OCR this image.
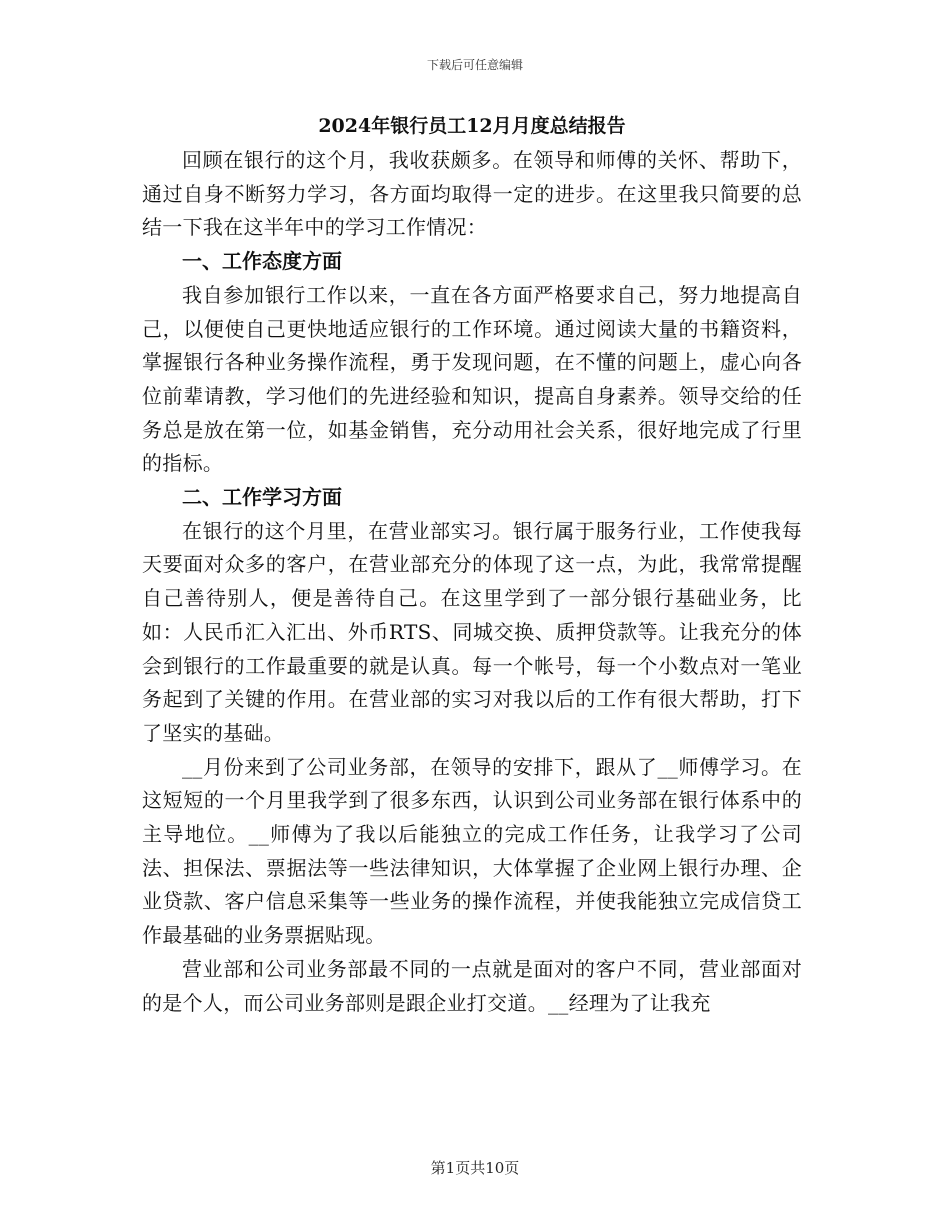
下载后可任意编辑
2024年银行员工12月月度总结报告

回顾在银行的这个月，我收获颇多。在领导和师傅的关怀、帮助下，通过自身不断努力学习，各方面均取得一定的进步。在这里我只简要的总结一下我在这半年中的学习工作情况：

一、工作态度方面

我自参加银行工作以来，一直在各方面严格要求自己，努力地提高自己，以便使自己更快地适应银行的工作环境。通过阅读大量的书籍资料，掌握银行各种业务操作流程，勇于发现问题，在不懂的问题上，虚心向各位前辈请教，学习他们的先进经验和知识，提高自身素养。领导交给的任务总是放在第一位，如基金销售，充分动用社会关系，很好地完成了行里的指标。

二、工作学习方面

在银行的这个月里，在营业部实习。银行属于服务行业，工作使我每天要面对众多的客户，在营业部充分的体现了这一点，为此，我常常提醒自己善待别人，便是善待自己。在这里学到了一部分银行基础业务，比如：人民币汇入汇出、外币RTS、同城交换、质押贷款等。让我充分的体会到银行的工作最重要的就是认真。每一个帐号，每一个小数点对一笔业务起到了关键的作用。在营业部的实习对我以后的工作有很大帮助，打下了坚实的基础。

__月份来到了公司业务部，在领导的安排下，跟从了__师傅学习。在这短短的一个月里我学到了很多东西，认识到公司业务部在银行体系中的主导地位。__师傅为了我以后能独立的完成工作任务，让我学习了公司法、担保法、票据法等一些法律知识，大体掌握了企业网上银行办理、企业贷款、客户信息采集等一些业务的操作流程，并使我能独立完成信贷工作最基础的业务票据贴现。

营业部和公司业务部最不同的一点就是面对的客户不同，营业部面对的是个人，而公司业务部则是跟企业打交道。__经理为了让我充

第1页共10页
